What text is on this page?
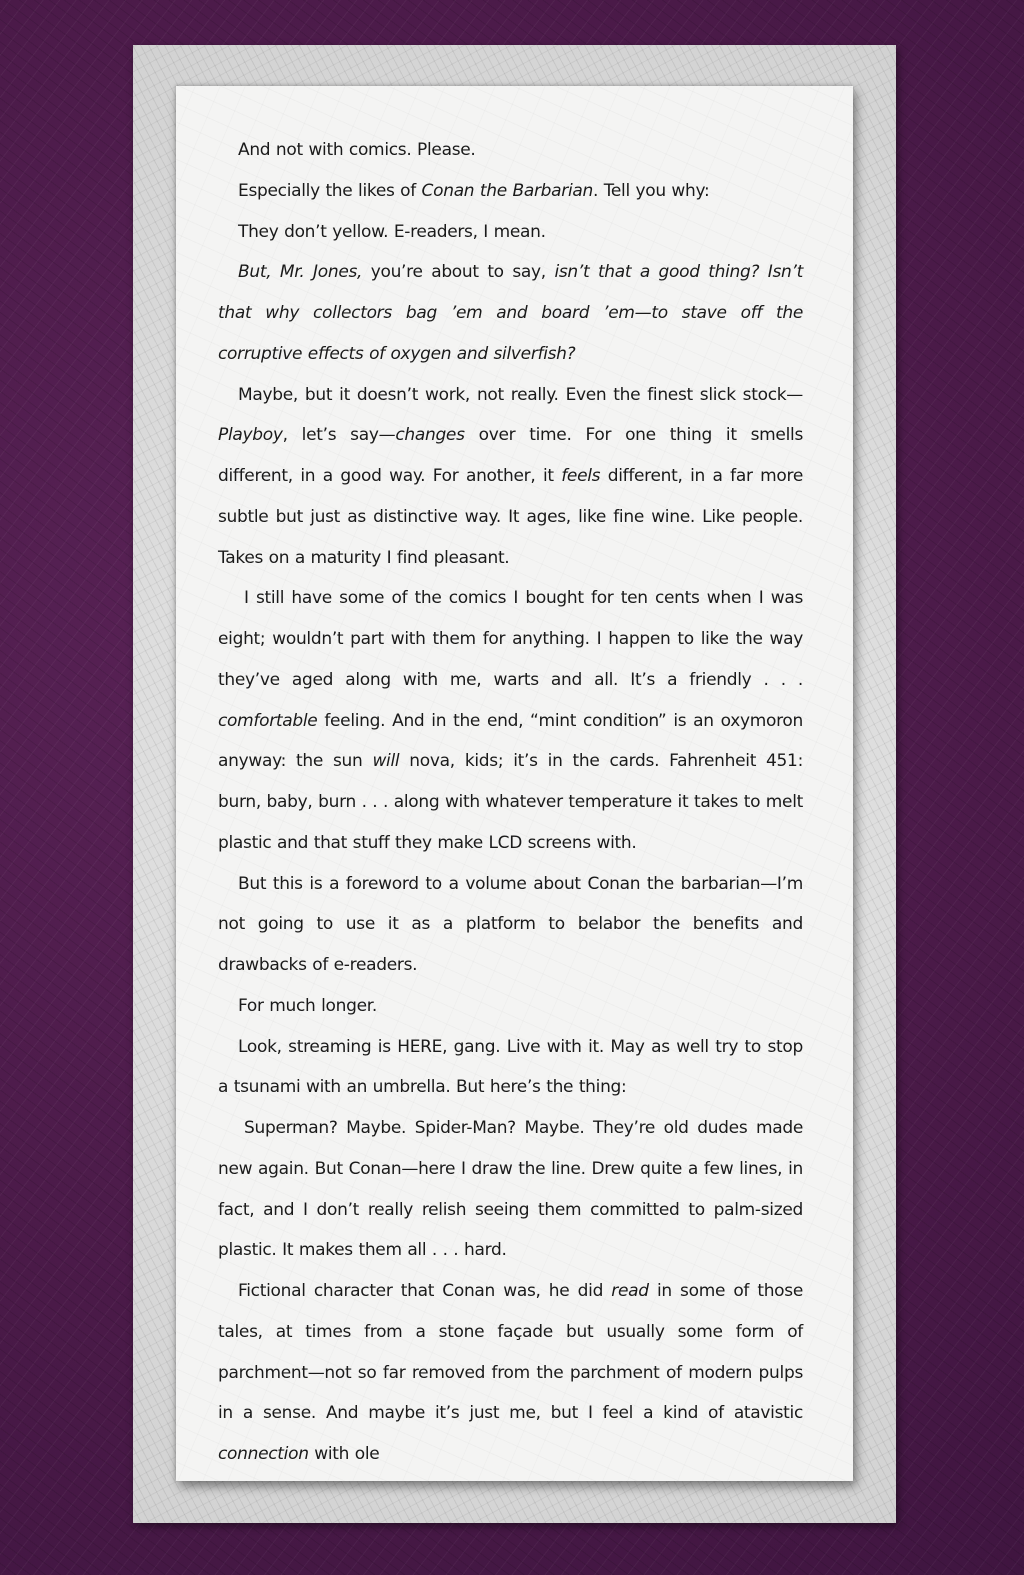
And not with comics. Please.

Especially the likes of Conan the Barbarian. Tell you why:

They don’t yellow. E-readers, I mean.

But, Mr. Jones, you’re about to say, isn’t that a good thing? Isn’t that why collectors bag ’em and board ’em—to stave off the corruptive effects of oxygen and silverfish?

Maybe, but it doesn’t work, not really. Even the finest slick stock—Playboy, let’s say—changes over time. For one thing it smells different, in a good way. For another, it feels different, in a far more subtle but just as distinctive way. It ages, like fine wine. Like people. Takes on a maturity I find pleasant.

I still have some of the comics I bought for ten cents when I was eight; wouldn’t part with them for anything. I happen to like the way they’ve aged along with me, warts and all. It’s a friendly . . . comfortable feeling. And in the end, “mint condition” is an oxymoron anyway: the sun will nova, kids; it’s in the cards. Fahrenheit 451: burn, baby, burn . . . along with whatever temperature it takes to melt plastic and that stuff they make LCD screens with.

But this is a foreword to a volume about Conan the barbarian—I’m not going to use it as a platform to belabor the benefits and drawbacks of e-readers.

For much longer.

Look, streaming is HERE, gang. Live with it. May as well try to stop a tsunami with an umbrella. But here’s the thing:

Superman? Maybe. Spider-Man? Maybe. They’re old dudes made new again. But Conan—here I draw the line. Drew quite a few lines, in fact, and I don’t really relish seeing them committed to palm-sized plastic. It makes them all . . . hard.

Fictional character that Conan was, he did read in some of those tales, at times from a stone façade but usually some form of parchment—not so far removed from the parchment of modern pulps in a sense. And maybe it’s just me, but I feel a kind of atavistic connection with ole
